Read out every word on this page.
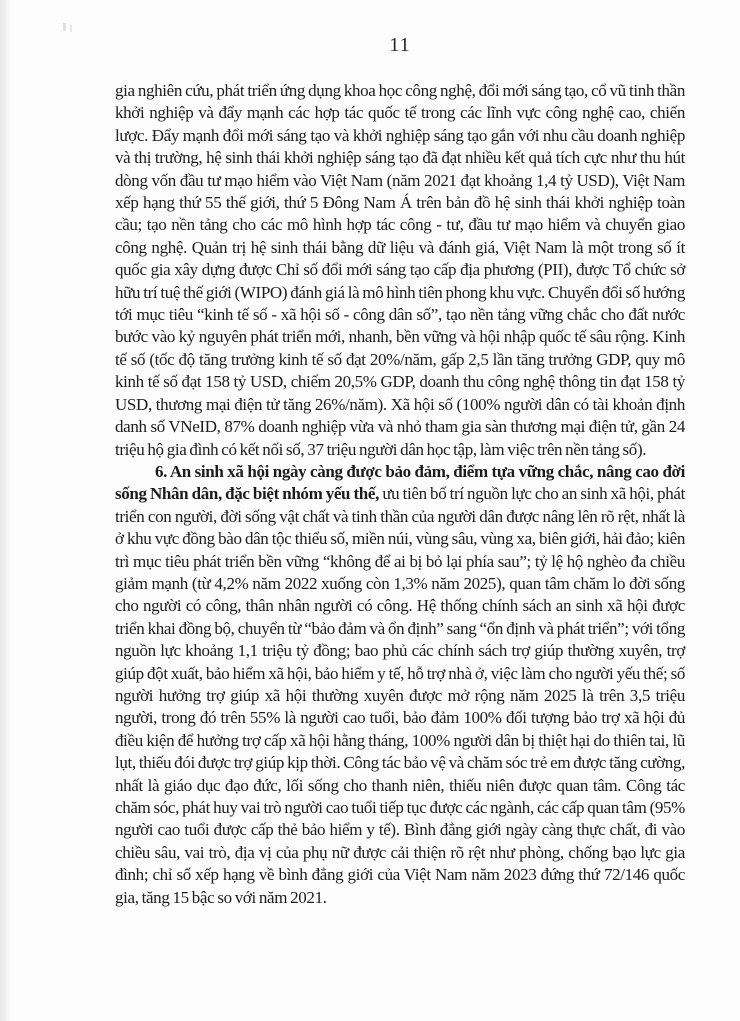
11

gia nghiên cứu, phát triển ứng dụng khoa học công nghệ, đổi mới sáng tạo, cổ vũ tinh thần khởi nghiệp và đẩy mạnh các hợp tác quốc tế trong các lĩnh vực công nghệ cao, chiến lược. Đẩy mạnh đổi mới sáng tạo và khởi nghiệp sáng tạo gắn với nhu cầu doanh nghiệp và thị trường, hệ sinh thái khởi nghiệp sáng tạo đã đạt nhiều kết quả tích cực như thu hút dòng vốn đầu tư mạo hiểm vào Việt Nam (năm 2021 đạt khoảng 1,4 tỷ USD), Việt Nam xếp hạng thứ 55 thế giới, thứ 5 Đông Nam Á trên bản đồ hệ sinh thái khởi nghiệp toàn cầu; tạo nền tảng cho các mô hình hợp tác công - tư, đầu tư mạo hiểm và chuyển giao công nghệ. Quản trị hệ sinh thái bằng dữ liệu và đánh giá, Việt Nam là một trong số ít quốc gia xây dựng được Chỉ số đổi mới sáng tạo cấp địa phương (PII), được Tổ chức sở hữu trí tuệ thế giới (WIPO) đánh giá là mô hình tiên phong khu vực. Chuyển đổi số hướng tới mục tiêu “kinh tế số - xã hội số - công dân số”, tạo nền tảng vững chắc cho đất nước bước vào kỷ nguyên phát triển mới, nhanh, bền vững và hội nhập quốc tế sâu rộng. Kinh tế số (tốc độ tăng trưởng kinh tế số đạt 20%/năm, gấp 2,5 lần tăng trưởng GDP, quy mô kinh tế số đạt 158 tỷ USD, chiếm 20,5% GDP, doanh thu công nghệ thông tin đạt 158 tỷ USD, thương mại điện tử tăng 26%/năm). Xã hội số (100% người dân có tài khoản định danh số VNeID, 87% doanh nghiệp vừa và nhỏ tham gia sàn thương mại điện tử, gần 24 triệu hộ gia đình có kết nối số, 37 triệu người dân học tập, làm việc trên nền tảng số).

6. An sinh xã hội ngày càng được bảo đảm, điểm tựa vững chắc, nâng cao đời sống Nhân dân, đặc biệt nhóm yếu thế, ưu tiên bố trí nguồn lực cho an sinh xã hội, phát triển con người, đời sống vật chất và tinh thần của người dân được nâng lên rõ rệt, nhất là ở khu vực đồng bào dân tộc thiểu số, miền núi, vùng sâu, vùng xa, biên giới, hải đảo; kiên trì mục tiêu phát triển bền vững “không để ai bị bỏ lại phía sau”; tỷ lệ hộ nghèo đa chiều giảm mạnh (từ 4,2% năm 2022 xuống còn 1,3% năm 2025), quan tâm chăm lo đời sống cho người có công, thân nhân người có công. Hệ thống chính sách an sinh xã hội được triển khai đồng bộ, chuyển từ “bảo đảm và ổn định” sang “ổn định và phát triển”; với tổng nguồn lực khoảng 1,1 triệu tỷ đồng; bao phủ các chính sách trợ giúp thường xuyên, trợ giúp đột xuất, bảo hiểm xã hội, bảo hiểm y tế, hỗ trợ nhà ở, việc làm cho người yếu thế; số người hưởng trợ giúp xã hội thường xuyên được mở rộng năm 2025 là trên 3,5 triệu người, trong đó trên 55% là người cao tuổi, bảo đảm 100% đối tượng bảo trợ xã hội đủ điều kiện để hưởng trợ cấp xã hội hằng tháng, 100% người dân bị thiệt hại do thiên tai, lũ lụt, thiếu đói được trợ giúp kịp thời. Công tác bảo vệ và chăm sóc trẻ em được tăng cường, nhất là giáo dục đạo đức, lối sống cho thanh niên, thiếu niên được quan tâm. Công tác chăm sóc, phát huy vai trò người cao tuổi tiếp tục được các ngành, các cấp quan tâm (95% người cao tuổi được cấp thẻ bảo hiểm y tế). Bình đẳng giới ngày càng thực chất, đi vào chiều sâu, vai trò, địa vị của phụ nữ được cải thiện rõ rệt như phòng, chống bạo lực gia đình; chỉ số xếp hạng về bình đẳng giới của Việt Nam năm 2023 đứng thứ 72/146 quốc gia, tăng 15 bậc so với năm 2021.
